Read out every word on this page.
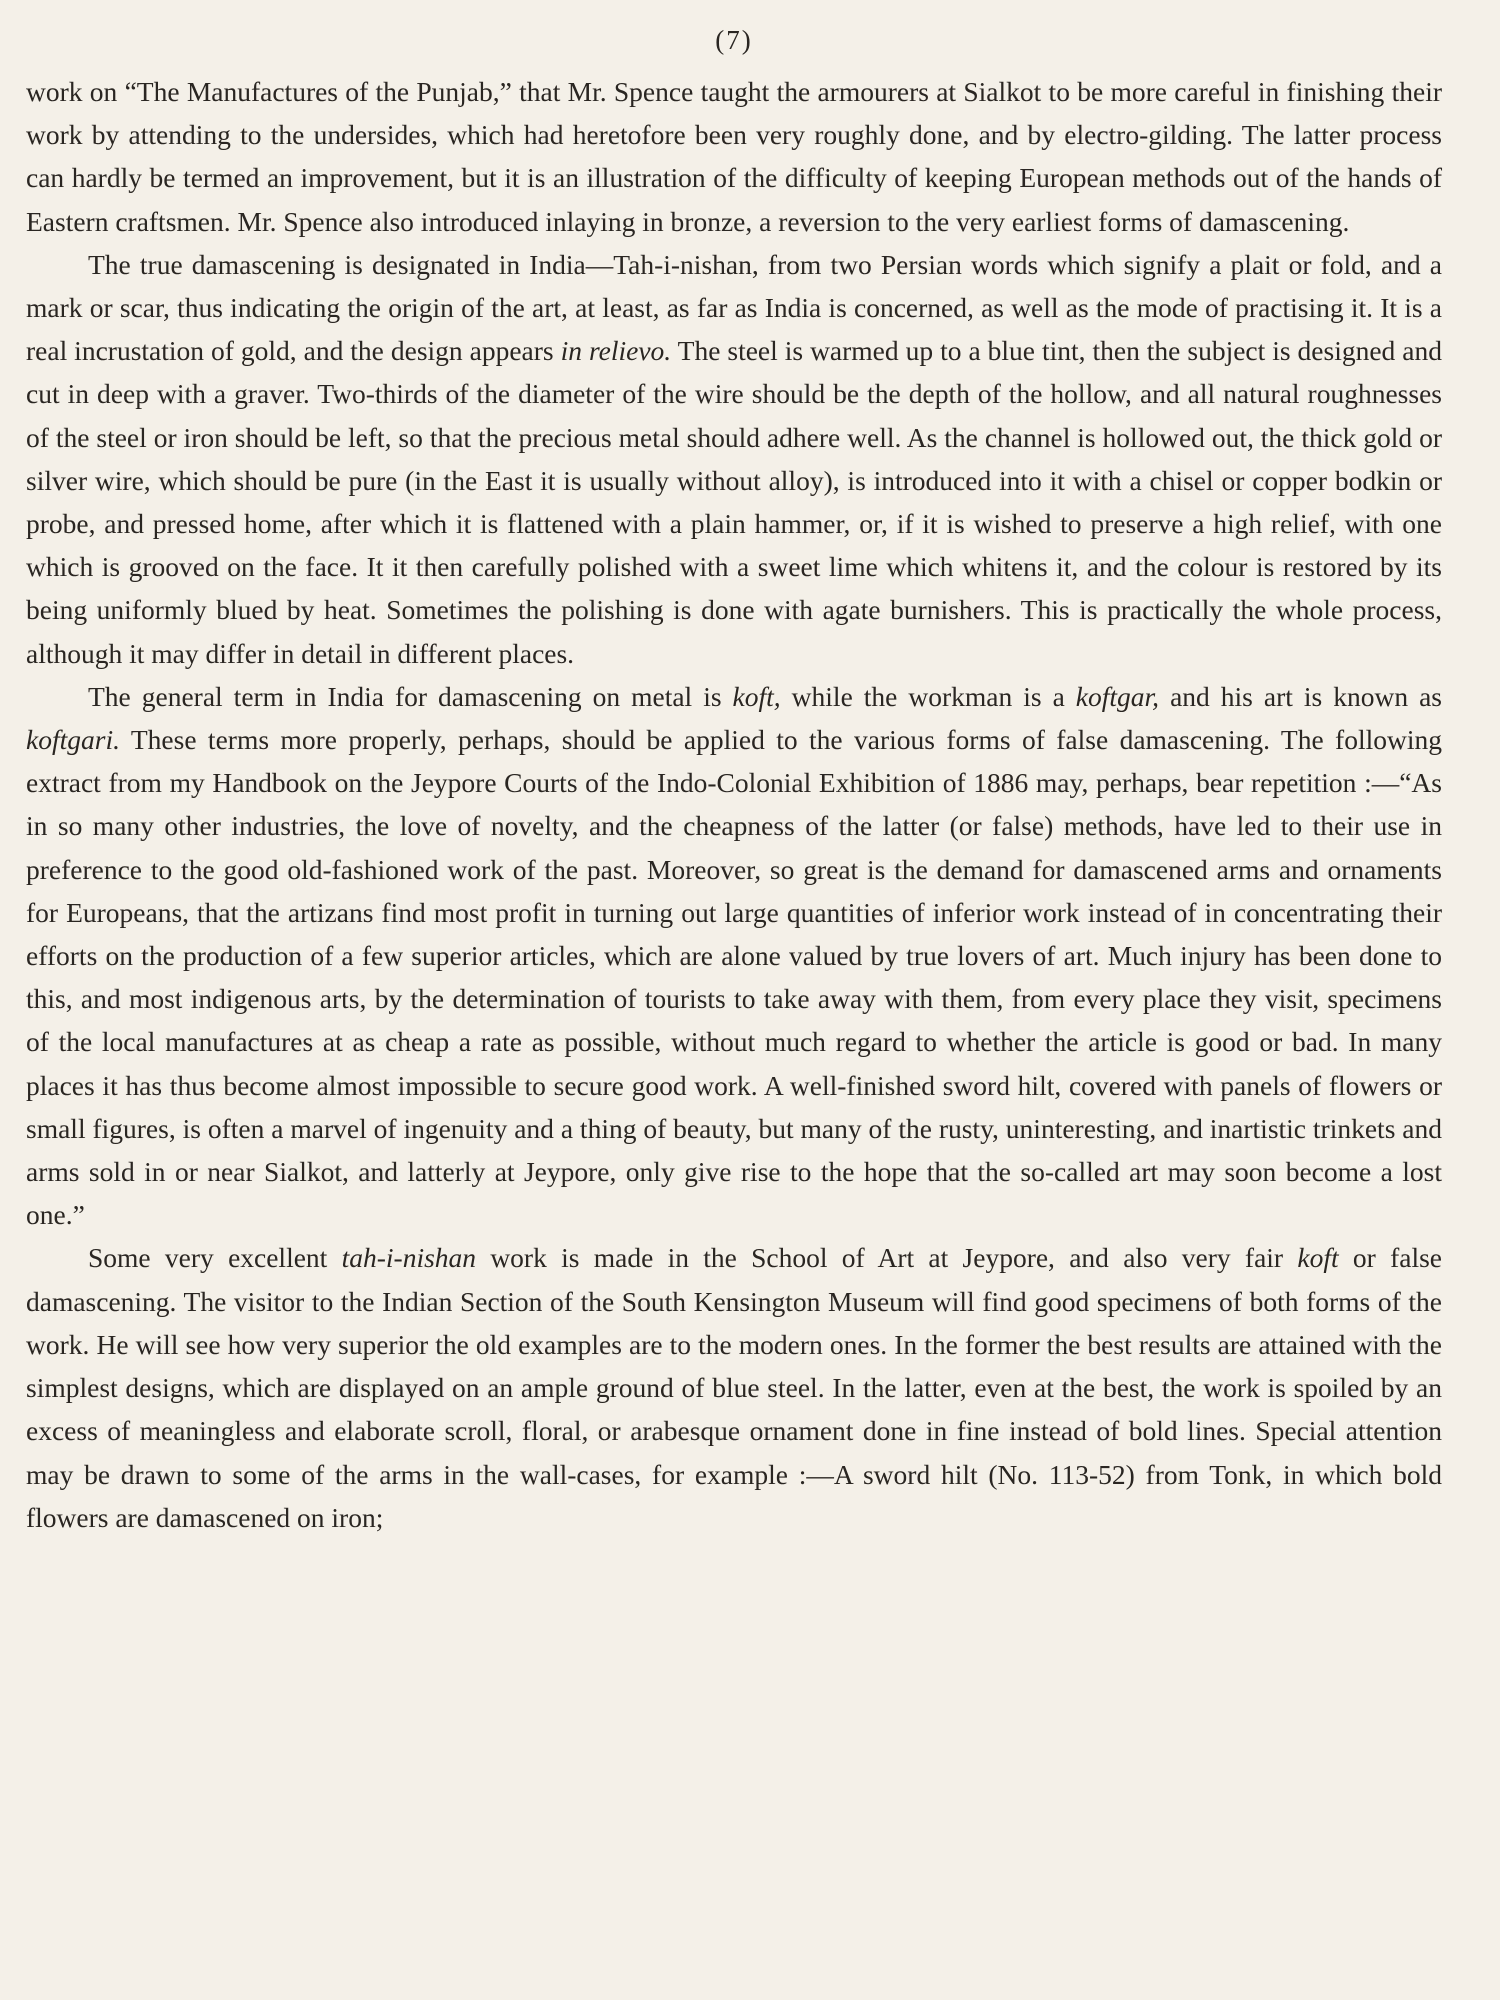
(7)

work on “The Manufactures of the Punjab,” that Mr. Spence taught the armourers at Sialkot to be more careful in finishing their work by attending to the undersides, which had heretofore been very roughly done, and by electro-gilding. The latter process can hardly be termed an improvement, but it is an illustration of the difficulty of keeping European methods out of the hands of Eastern craftsmen. Mr. Spence also introduced inlaying in bronze, a reversion to the very earliest forms of damascening.

The true damascening is designated in India—Tah-i-nishan, from two Persian words which signify a plait or fold, and a mark or scar, thus indicating the origin of the art, at least, as far as India is concerned, as well as the mode of practising it. It is a real incrustation of gold, and the design appears in relievo. The steel is warmed up to a blue tint, then the subject is designed and cut in deep with a graver. Two-thirds of the diameter of the wire should be the depth of the hollow, and all natural roughnesses of the steel or iron should be left, so that the precious metal should adhere well. As the channel is hollowed out, the thick gold or silver wire, which should be pure (in the East it is usually without alloy), is introduced into it with a chisel or copper bodkin or probe, and pressed home, after which it is flattened with a plain hammer, or, if it is wished to preserve a high relief, with one which is grooved on the face. It it then carefully polished with a sweet lime which whitens it, and the colour is restored by its being uniformly blued by heat. Sometimes the polishing is done with agate burnishers. This is practically the whole process, although it may differ in detail in different places.

The general term in India for damascening on metal is koft, while the workman is a koftgar, and his art is known as koftgari. These terms more properly, perhaps, should be applied to the various forms of false damascening. The following extract from my Handbook on the Jeypore Courts of the Indo-Colonial Exhibition of 1886 may, perhaps, bear repetition :—“As in so many other industries, the love of novelty, and the cheapness of the latter (or false) methods, have led to their use in preference to the good old-fashioned work of the past. Moreover, so great is the demand for damascened arms and ornaments for Europeans, that the artizans find most profit in turning out large quantities of inferior work instead of in concentrating their efforts on the production of a few superior articles, which are alone valued by true lovers of art. Much injury has been done to this, and most indigenous arts, by the determination of tourists to take away with them, from every place they visit, specimens of the local manufactures at as cheap a rate as possible, without much regard to whether the article is good or bad. In many places it has thus become almost impossible to secure good work. A well-finished sword hilt, covered with panels of flowers or small figures, is often a marvel of ingenuity and a thing of beauty, but many of the rusty, uninteresting, and inartistic trinkets and arms sold in or near Sialkot, and latterly at Jeypore, only give rise to the hope that the so-called art may soon become a lost one.”

Some very excellent tah-i-nishan work is made in the School of Art at Jeypore, and also very fair koft or false damascening. The visitor to the Indian Section of the South Kensington Museum will find good specimens of both forms of the work. He will see how very superior the old examples are to the modern ones. In the former the best results are attained with the simplest designs, which are displayed on an ample ground of blue steel. In the latter, even at the best, the work is spoiled by an excess of meaningless and elaborate scroll, floral, or arabesque ornament done in fine instead of bold lines. Special attention may be drawn to some of the arms in the wall-cases, for example :—A sword hilt (No. 113-52) from Tonk, in which bold flowers are damascened on iron;
